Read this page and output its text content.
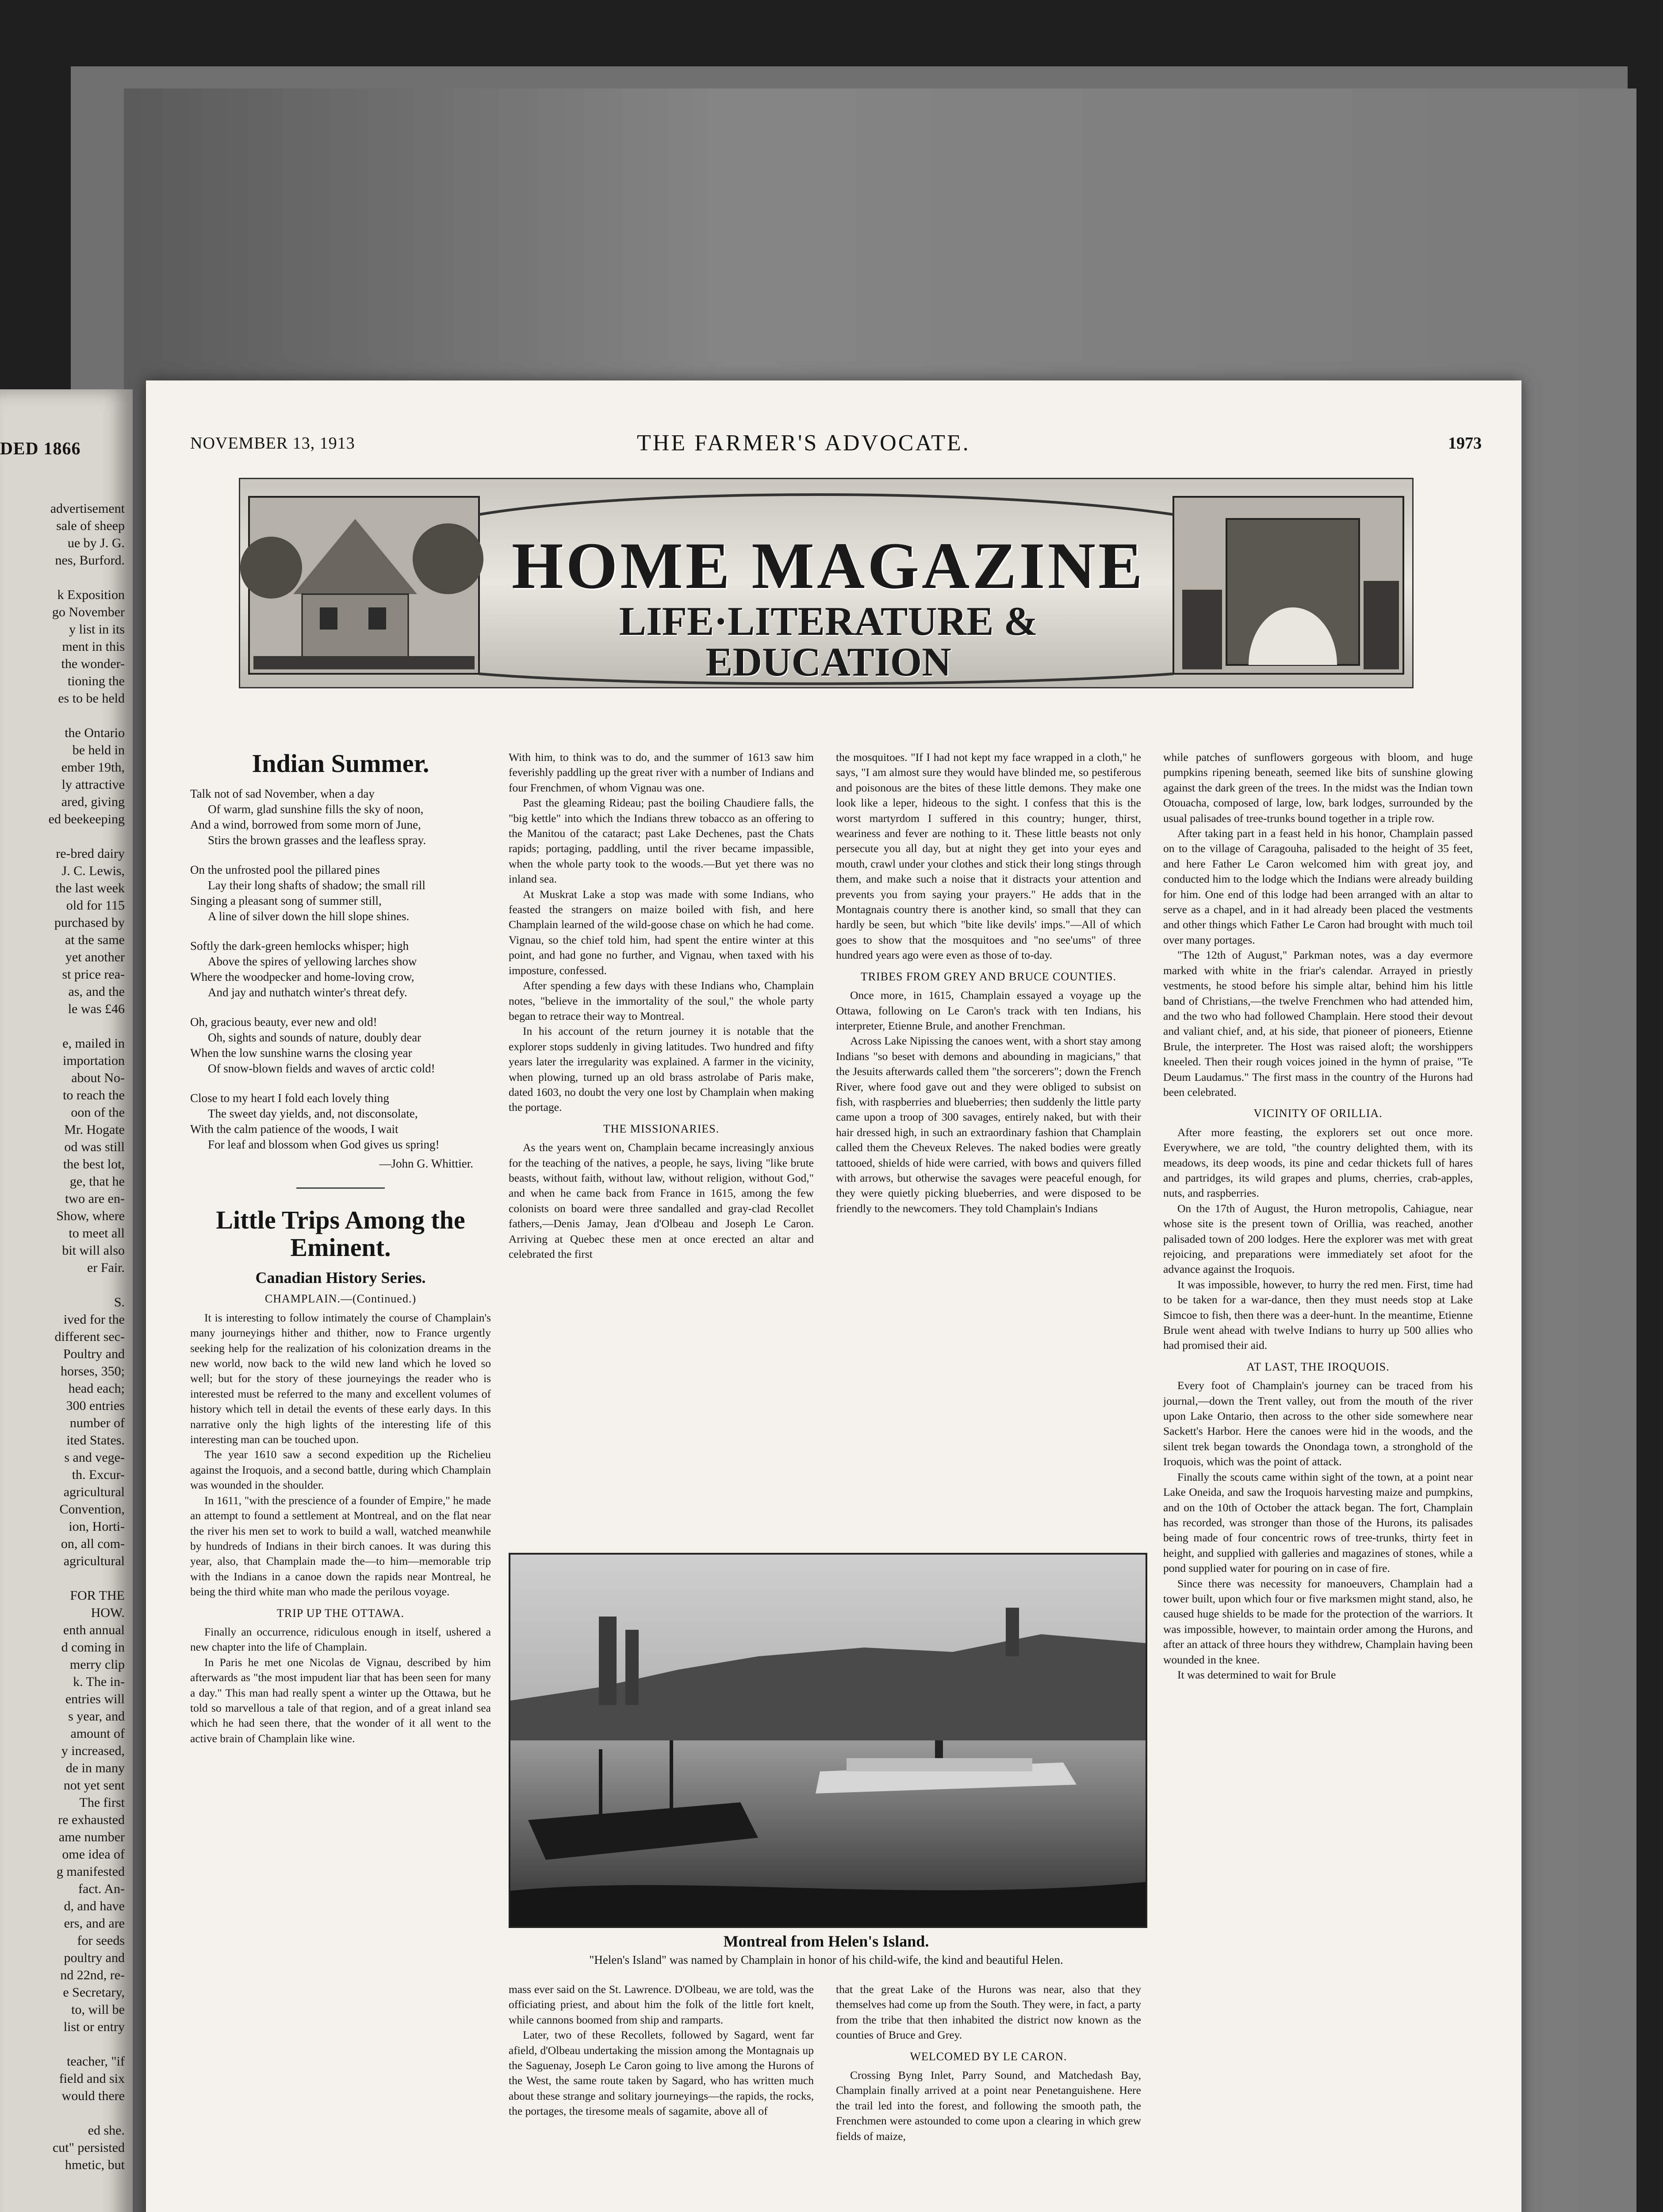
DED 1866
advertisement
sale of sheep
ue by J. G.
nes, Burford.

k Exposition
go November
y list in its
ment in this
the wonder-
tioning the
es to be held

the Ontario
be held in
ember 19th,
ly attractive
ared, giving
ed beekeeping

re-bred dairy
J. C. Lewis,
the last week
old for 115
purchased by
at the same
yet another
st price rea-
as, and the
le was £46

e, mailed in
importation
about No-
to reach the
oon of the
Mr. Hogate
od was still
the best lot,
ge, that he
two are en-
Show, where
to meet all
bit will also
er Fair.

S.
ived for the
different sec-
Poultry and
horses, 350;
head each;
300 entries
number of
ited States.
s and vege-
th. Excur-
agricultural
Convention,
ion, Horti-
on, all com-
agricultural

FOR THE
HOW.
enth annual
d coming in
merry clip
k. The in-
entries will
s year, and
amount of
y increased,
de in many
not yet sent
The first
re exhausted
ame number
ome idea of
g manifested
fact. An-
d, and have
ers, and are
for seeds
poultry and
nd 22nd, re-
e Secretary,
to, will be
list or entry

teacher, "if
field and six
would there

ed she.
cut" persisted
hmetic, but
NOVEMBER 13, 1913	THE FARMER'S ADVOCATE.	1973
HOME MAGAZINE
LIFE·LITERATURE &
EDUCATION
Indian Summer.
Talk not of sad November, when a day
Of warm, glad sunshine fills the sky of noon,
And a wind, borrowed from some morn of June,
Stirs the brown grasses and the leafless spray.
On the unfrosted pool the pillared pines
Lay their long shafts of shadow; the small rill
Singing a pleasant song of summer still,
A line of silver down the hill slope shines.
Softly the dark-green hemlocks whisper; high
Above the spires of yellowing larches show
Where the woodpecker and home-loving crow,
And jay and nuthatch winter's threat defy.
Oh, gracious beauty, ever new and old!
Oh, sights and sounds of nature, doubly dear
When the low sunshine warns the closing year
Of snow-blown fields and waves of arctic cold!
Close to my heart I fold each lovely thing
The sweet day yields, and, not disconsolate,
With the calm patience of the woods, I wait
For leaf and blossom when God gives us spring!
—John G. Whittier.
Little Trips Among the Eminent.
Canadian History Series.
CHAMPLAIN.—(Continued.)

It is interesting to follow intimately the course of Champlain's many journeyings hither and thither, now to France urgently seeking help for the realization of his colonization dreams in the new world, now back to the wild new land which he loved so well; but for the story of these journeyings the reader who is interested must be referred to the many and excellent volumes of history which tell in detail the events of these early days. In this narrative only the high lights of the interesting life of this interesting man can be touched upon.

The year 1610 saw a second expedition up the Richelieu against the Iroquois, and a second battle, during which Champlain was wounded in the shoulder.

In 1611, "with the prescience of a founder of Empire," he made an attempt to found a settlement at Montreal, and on the flat near the river his men set to work to build a wall, watched meanwhile by hundreds of Indians in their birch canoes. It was during this year, also, that Champlain made the—to him—memorable trip with the Indians in a canoe down the rapids near Montreal, he being the third white man who made the perilous voyage.

TRIP UP THE OTTAWA.

Finally an occurrence, ridiculous enough in itself, ushered a new chapter into the life of Champlain.

In Paris he met one Nicolas de Vignau, described by him afterwards as "the most impudent liar that has been seen for many a day." This man had really spent a winter up the Ottawa, but he told so marvellous a tale of that region, and of a great inland sea which he had seen there, that the wonder of it all went to the active brain of Champlain like wine.

With him, to think was to do, and the summer of 1613 saw him feverishly paddling up the great river with a number of Indians and four Frenchmen, of whom Vignau was one.

Past the gleaming Rideau; past the boiling Chaudiere falls, the "big kettle" into which the Indians threw tobacco as an offering to the Manitou of the cataract; past Lake Dechenes, past the Chats rapids; portaging, paddling, until the river became impassible, when the whole party took to the woods.—But yet there was no inland sea.

At Muskrat Lake a stop was made with some Indians, who feasted the strangers on maize boiled with fish, and here Champlain learned of the wild-goose chase on which he had come. Vignau, so the chief told him, had spent the entire winter at this point, and had gone no further, and Vignau, when taxed with his imposture, confessed.

After spending a few days with these Indians who, Champlain notes, "believe in the immortality of the soul," the whole party began to retrace their way to Montreal.

In his account of the return journey it is notable that the explorer stops suddenly in giving latitudes. Two hundred and fifty years later the irregularity was explained. A farmer in the vicinity, when plowing, turned up an old brass astrolabe of Paris make, dated 1603, no doubt the very one lost by Champlain when making the portage.

THE MISSIONARIES.

As the years went on, Champlain became increasingly anxious for the teaching of the natives, a people, he says, living "like brute beasts, without faith, without law, without religion, without God," and when he came back from France in 1615, among the few colonists on board were three sandalled and gray-clad Recollet fathers,—Denis Jamay, Jean d'Olbeau and Joseph Le Caron. Arriving at Quebec these men at once erected an altar and celebrated the first

the mosquitoes. "If I had not kept my face wrapped in a cloth," he says, "I am almost sure they would have blinded me, so pestiferous and poisonous are the bites of these little demons. They make one look like a leper, hideous to the sight. I confess that this is the worst martyrdom I suffered in this country; hunger, thirst, weariness and fever are nothing to it. These little beasts not only persecute you all day, but at night they get into your eyes and mouth, crawl under your clothes and stick their long stings through them, and make such a noise that it distracts your attention and prevents you from saying your prayers." He adds that in the Montagnais country there is another kind, so small that they can hardly be seen, but which "bite like devils' imps."—All of which goes to show that the mosquitoes and "no see'ums" of three hundred years ago were even as those of to-day.

TRIBES FROM GREY AND BRUCE COUNTIES.

Once more, in 1615, Champlain essayed a voyage up the Ottawa, following on Le Caron's track with ten Indians, his interpreter, Etienne Brule, and another Frenchman.

Across Lake Nipissing the canoes went, with a short stay among Indians "so beset with demons and abounding in magicians," that the Jesuits afterwards called them "the sorcerers"; down the French River, where food gave out and they were obliged to subsist on fish, with raspberries and blueberries; then suddenly the little party came upon a troop of 300 savages, entirely naked, but with their hair dressed high, in such an extraordinary fashion that Champlain called them the Cheveux Releves. The naked bodies were greatly tattooed, shields of hide were carried, with bows and quivers filled with arrows, but otherwise the savages were peaceful enough, for they were quietly picking blueberries, and were disposed to be friendly to the newcomers. They told Champlain's Indians

Montreal from Helen's Island.
"Helen's Island" was named by Champlain in honor of his child-wife, the kind and beautiful Helen.

mass ever said on the St. Lawrence. D'Olbeau, we are told, was the officiating priest, and about him the folk of the little fort knelt, while cannons boomed from ship and ramparts.

Later, two of these Recollets, followed by Sagard, went far afield, d'Olbeau undertaking the mission among the Montagnais up the Saguenay, Joseph Le Caron going to live among the Hurons of the West, the same route taken by Sagard, who has written much about these strange and solitary journeyings—the rapids, the rocks, the portages, the tiresome meals of sagamite, above all of

that the great Lake of the Hurons was near, also that they themselves had come up from the South. They were, in fact, a party from the tribe that then inhabited the district now known as the counties of Bruce and Grey.

WELCOMED BY LE CARON.

Crossing Byng Inlet, Parry Sound, and Matchedash Bay, Champlain finally arrived at a point near Penetanguishene. Here the trail led into the forest, and following the smooth path, the Frenchmen were astounded to come upon a clearing in which grew fields of maize,

while patches of sunflowers gorgeous with bloom, and huge pumpkins ripening beneath, seemed like bits of sunshine glowing against the dark green of the trees. In the midst was the Indian town Otouacha, composed of large, low, bark lodges, surrounded by the usual palisades of tree-trunks bound together in a triple row.

After taking part in a feast held in his honor, Champlain passed on to the village of Caragouha, palisaded to the height of 35 feet, and here Father Le Caron welcomed him with great joy, and conducted him to the lodge which the Indians were already building for him. One end of this lodge had been arranged with an altar to serve as a chapel, and in it had already been placed the vestments and other things which Father Le Caron had brought with much toil over many portages.

"The 12th of August," Parkman notes, was a day evermore marked with white in the friar's calendar. Arrayed in priestly vestments, he stood before his simple altar, behind him his little band of Christians,—the twelve Frenchmen who had attended him, and the two who had followed Champlain. Here stood their devout and valiant chief, and, at his side, that pioneer of pioneers, Etienne Brule, the interpreter. The Host was raised aloft; the worshippers kneeled. Then their rough voices joined in the hymn of praise, "Te Deum Laudamus." The first mass in the country of the Hurons had been celebrated.

VICINITY OF ORILLIA.

After more feasting, the explorers set out once more. Everywhere, we are told, "the country delighted them, with its meadows, its deep woods, its pine and cedar thickets full of hares and partridges, its wild grapes and plums, cherries, crab-apples, nuts, and raspberries.

On the 17th of August, the Huron metropolis, Cahiague, near whose site is the present town of Orillia, was reached, another palisaded town of 200 lodges. Here the explorer was met with great rejoicing, and preparations were immediately set afoot for the advance against the Iroquois.

It was impossible, however, to hurry the red men. First, time had to be taken for a war-dance, then they must needs stop at Lake Simcoe to fish, then there was a deer-hunt. In the meantime, Etienne Brule went ahead with twelve Indians to hurry up 500 allies who had promised their aid.

AT LAST, THE IROQUOIS.

Every foot of Champlain's journey can be traced from his journal,—down the Trent valley, out from the mouth of the river upon Lake Ontario, then across to the other side somewhere near Sackett's Harbor. Here the canoes were hid in the woods, and the silent trek began towards the Onondaga town, a stronghold of the Iroquois, which was the point of attack.

Finally the scouts came within sight of the town, at a point near Lake Oneida, and saw the Iroquois harvesting maize and pumpkins, and on the 10th of October the attack began. The fort, Champlain has recorded, was stronger than those of the Hurons, its palisades being made of four concentric rows of tree-trunks, thirty feet in height, and supplied with galleries and magazines of stones, while a pond supplied water for pouring on in case of fire.

Since there was necessity for manoeuvers, Champlain had a tower built, upon which four or five marksmen might stand, also, he caused huge shields to be made for the protection of the warriors. It was impossible, however, to maintain order among the Hurons, and after an attack of three hours they withdrew, Champlain having been wounded in the knee.

It was determined to wait for Brule
